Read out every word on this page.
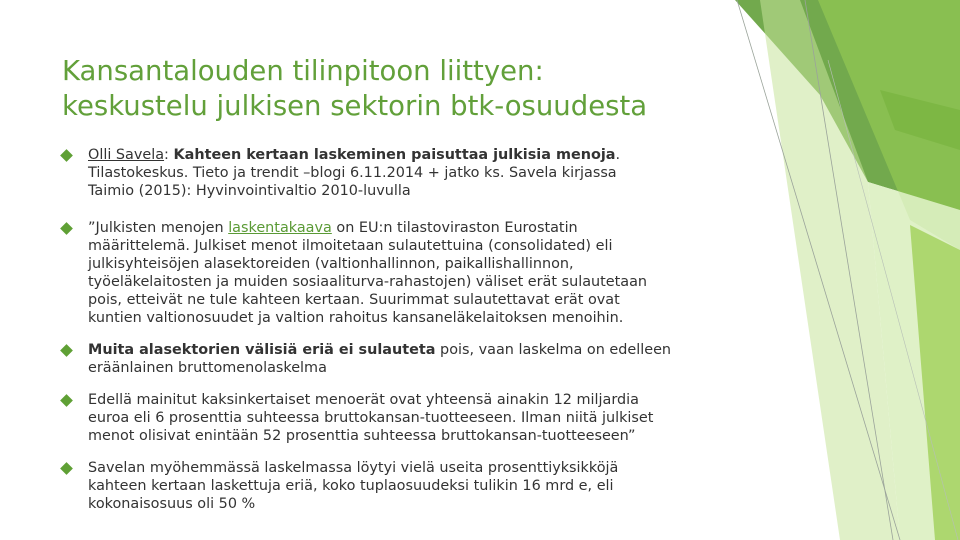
Kansantalouden tilinpitoon liittyen:
keskustelu julkisen sektorin btk-osuudesta
Olli Savela: Kahteen kertaan laskeminen paisuttaa julkisia menoja.
Tilastokeskus. Tieto ja trendit –blogi 6.11.2014 + jatko ks. Savela kirjassa
Taimio (2015): Hyvinvointivaltio 2010-luvulla
”Julkisten menojen laskentakaava on EU:n tilastoviraston Eurostatin
määrittelemä. Julkiset menot ilmoitetaan sulautettuina (consolidated) eli
julkisyhteisöjen alasektoreiden (valtionhallinnon, paikallishallinnon,
työeläkelaitosten ja muiden sosiaaliturva-rahastojen) väliset erät sulautetaan
pois, etteivät ne tule kahteen kertaan. Suurimmat sulautettavat erät ovat
kuntien valtionosuudet ja valtion rahoitus kansaneläkelaitoksen menoihin.
Muita alasektorien välisiä eriä ei sulauteta pois, vaan laskelma on edelleen
eräänlainen bruttomenolaskelma
Edellä mainitut kaksinkertaiset menoerät ovat yhteensä ainakin 12 miljardia
euroa eli 6 prosenttia suhteessa bruttokansan-tuotteeseen. Ilman niitä julkiset
menot olisivat enintään 52 prosenttia suhteessa bruttokansan-tuotteeseen”
Savelan myöhemmässä laskelmassa löytyi vielä useita prosenttiyksikköjä
kahteen kertaan laskettuja eriä, koko tuplaosuudeksi tulikin 16 mrd e, eli
kokonaisosuus oli 50 %
